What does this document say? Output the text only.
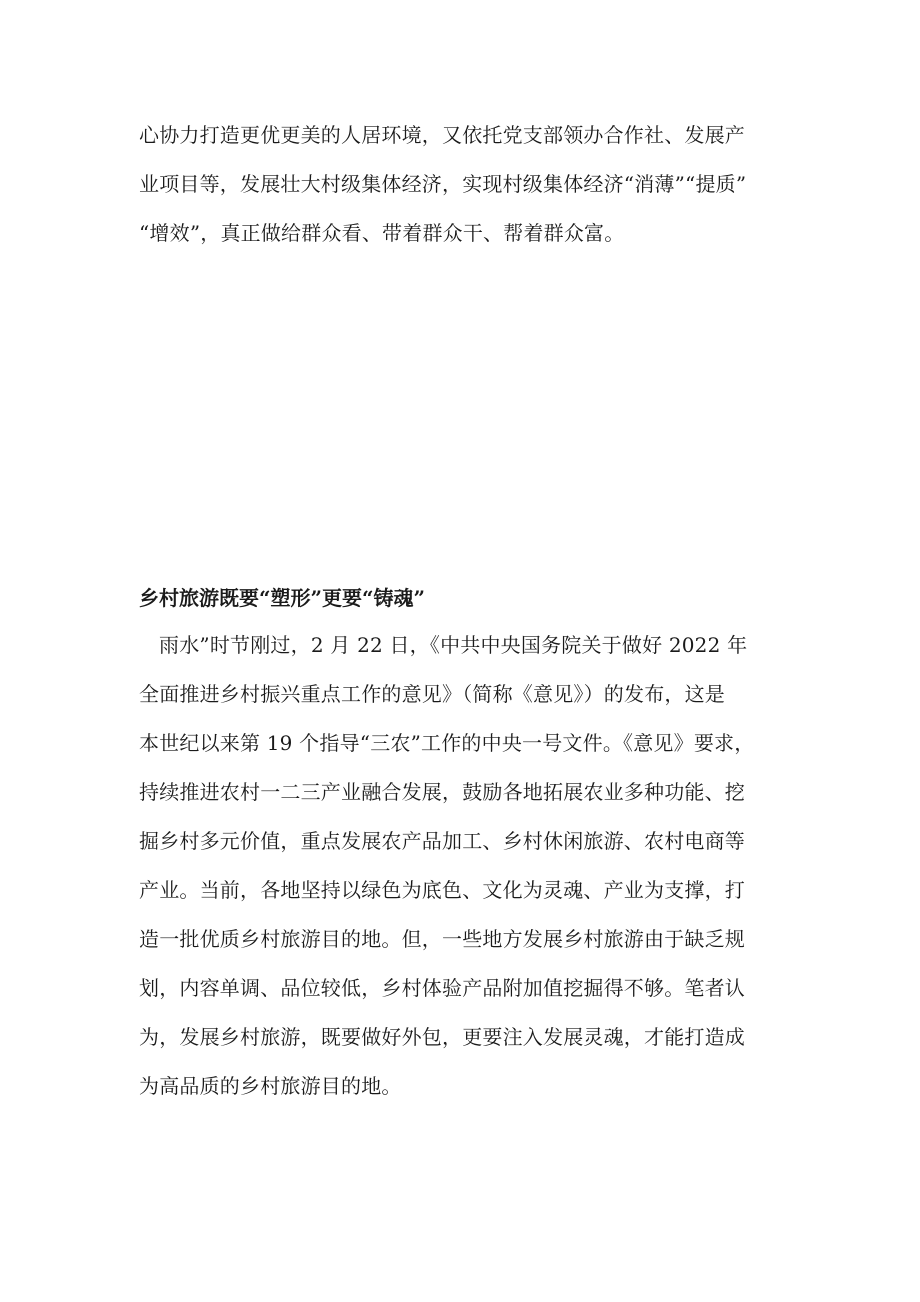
心协力打造更优更美的人居环境，又依托党支部领办合作社、发展产
业项目等，发展壮大村级集体经济，实现村级集体经济“消薄”“提质”
“增效”，真正做给群众看、带着群众干、帮着群众富。
乡村旅游既要“塑形”更要“铸魂”
雨水”时节刚过，2 月 22 日，《中共中央国务院关于做好 2022 年
全面推进乡村振兴重点工作的意见》（简称《意见》）的发布，这是
本世纪以来第 19 个指导“三农”工作的中央一号文件。《意见》要求，
持续推进农村一二三产业融合发展，鼓励各地拓展农业多种功能、挖
掘乡村多元价值，重点发展农产品加工、乡村休闲旅游、农村电商等
产业。当前，各地坚持以绿色为底色、文化为灵魂、产业为支撑，打
造一批优质乡村旅游目的地。但，一些地方发展乡村旅游由于缺乏规
划，内容单调、品位较低，乡村体验产品附加值挖掘得不够。笔者认
为，发展乡村旅游，既要做好外包，更要注入发展灵魂，才能打造成
为高品质的乡村旅游目的地。
